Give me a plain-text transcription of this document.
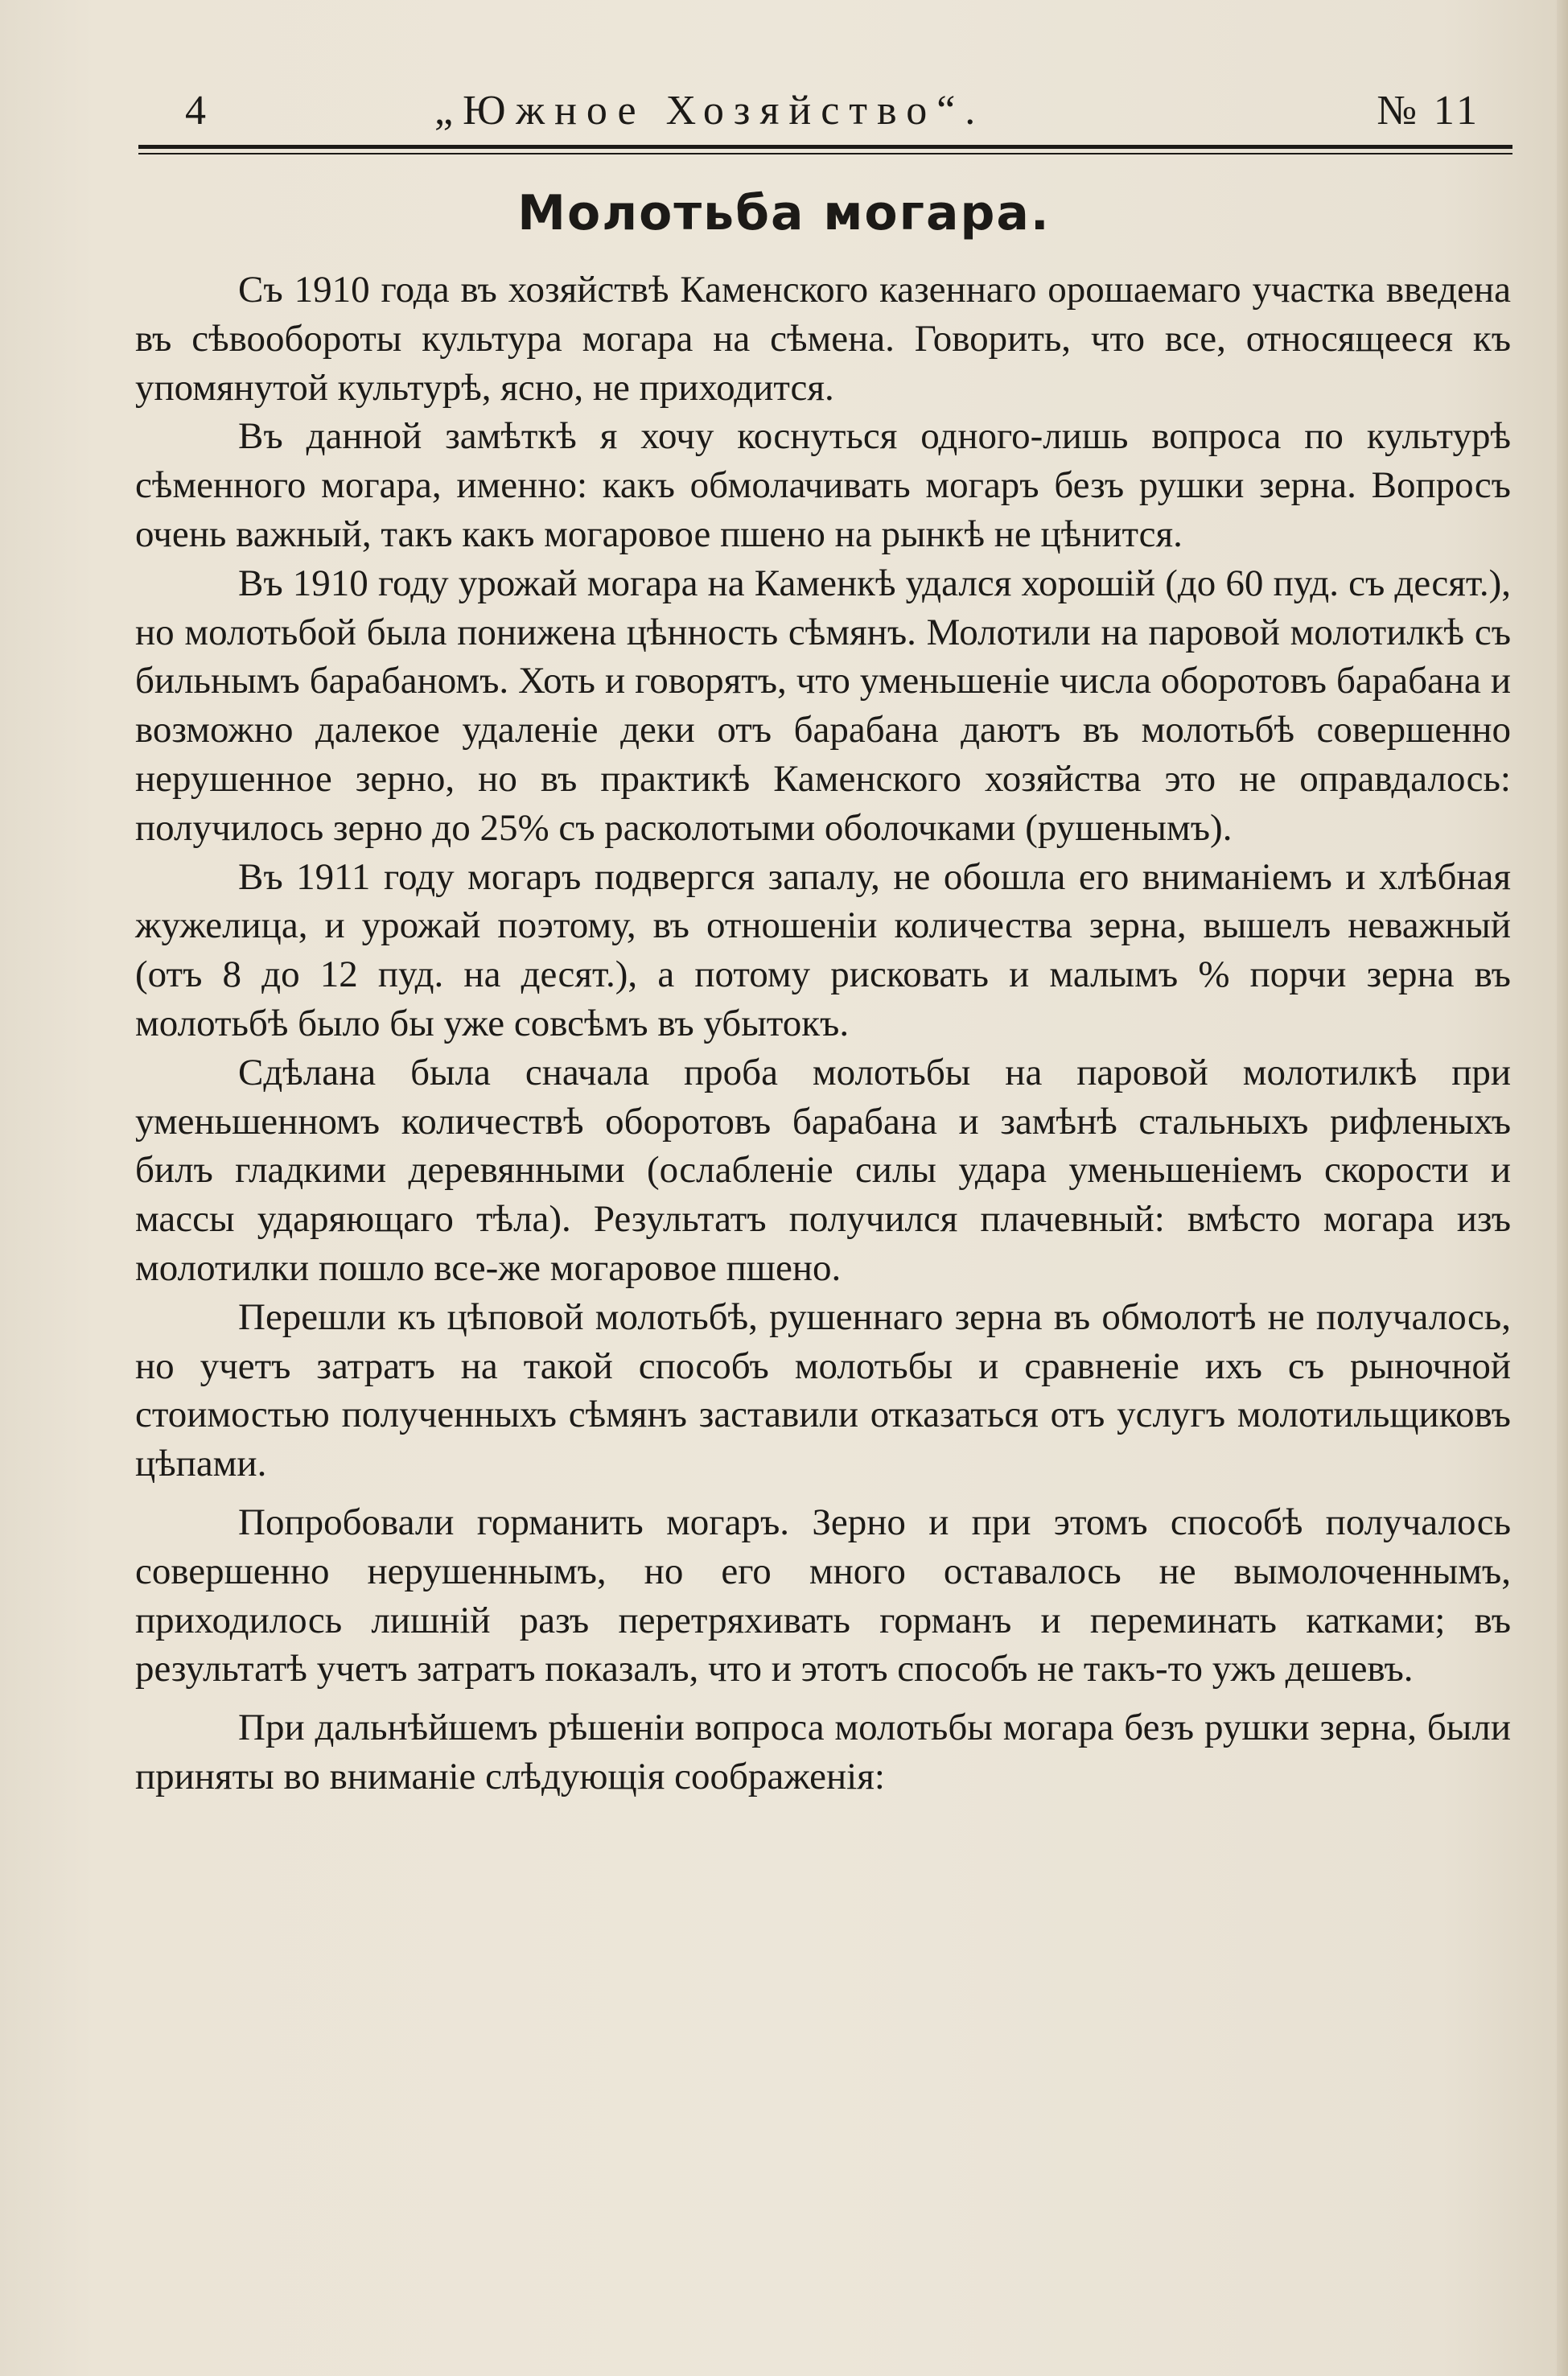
4	„Южное Хозяйство“.	№ 11
Молотьба могара.

Съ 1910 года въ хозяйствѣ Каменского казеннаго орошаемаго участка введена въ сѣвообороты культура могара на сѣмена. Говорить, что все, относящееся къ упомянутой культурѣ, ясно, не приходится.

Въ данной замѣткѣ я хочу коснуться одного-лишь вопроса по культурѣ сѣменного могара, именно: какъ обмолачивать могаръ безъ рушки зерна. Вопросъ очень важный, такъ какъ могаровое пшено на рынкѣ не цѣнится.

Въ 1910 году урожай могара на Каменкѣ удался хорошій (до 60 пуд. съ десят.), но молотьбой была понижена цѣнность сѣмянъ. Молотили на паровой молотилкѣ съ бильнымъ барабаномъ. Хоть и говорятъ, что уменьшеніе числа оборотовъ барабана и возможно далекое удаленіе деки отъ барабана даютъ въ молотьбѣ совершенно нерушенное зерно, но въ практикѣ Каменского хозяйства это не оправдалось: получилось зерно до 25% съ расколотыми оболочками (рушенымъ).

Въ 1911 году могаръ подвергся запалу, не обошла его вниманіемъ и хлѣбная жужелица, и урожай поэтому, въ отношеніи количества зерна, вышелъ неважный (отъ 8 до 12 пуд. на десят.), а потому рисковать и малымъ % порчи зерна въ молотьбѣ было бы уже совсѣмъ въ убытокъ.

Сдѣлана была сначала проба молотьбы на паровой молотилкѣ при уменьшенномъ количествѣ оборотовъ барабана и замѣнѣ стальныхъ рифленыхъ билъ гладкими деревянными (ослабленіе силы удара уменьшеніемъ скорости и массы ударяющаго тѣла). Результатъ получился плачевный: вмѣсто могара изъ молотилки пошло все-же могаровое пшено.

Перешли къ цѣповой молотьбѣ, рушеннаго зерна въ обмолотѣ не получалось, но учетъ затратъ на такой способъ молотьбы и сравненіе ихъ съ рыночной стоимостью полученныхъ сѣмянъ заставили отказаться отъ услугъ молотильщиковъ цѣпами.

Попробовали горманить могаръ. Зерно и при этомъ способѣ получалось совершенно нерушеннымъ, но его много оставалось не вымолоченнымъ, приходилось лишній разъ перетряхивать горманъ и переминать катками; въ результатѣ учетъ затратъ показалъ, что и этотъ способъ не такъ-то ужъ дешевъ.

При дальнѣйшемъ рѣшеніи вопроса молотьбы могара безъ рушки зерна, были приняты во вниманіе слѣдующія соображенія:
